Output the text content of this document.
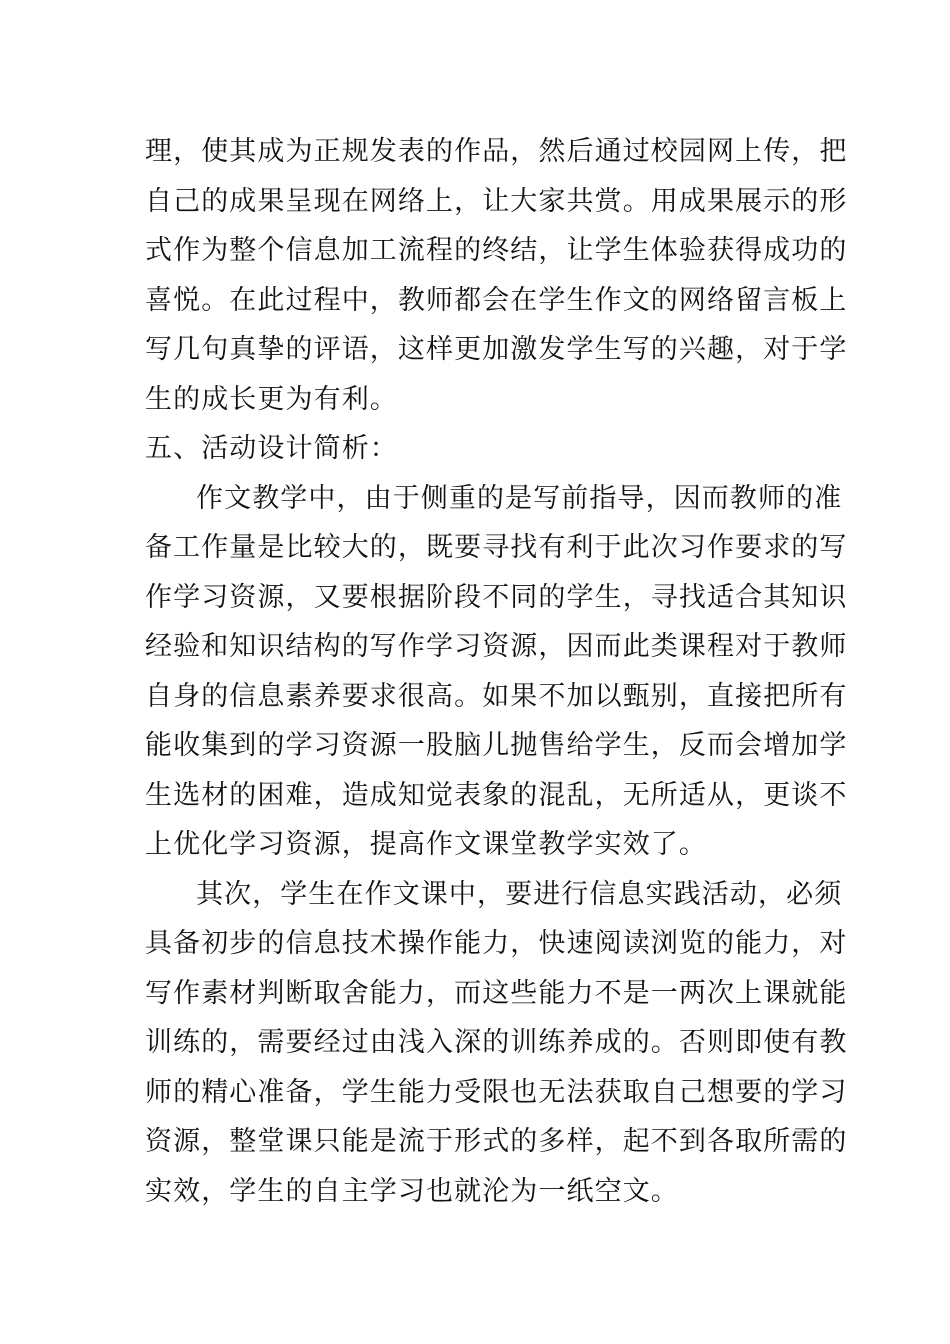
理，使其成为正规发表的作品，然后通过校园网上传，把
自己的成果呈现在网络上，让大家共赏。用成果展示的形
式作为整个信息加工流程的终结，让学生体验获得成功的
喜悦。在此过程中，教师都会在学生作文的网络留言板上
写几句真挚的评语，这样更加激发学生写的兴趣，对于学
生的成长更为有利。
五、活动设计简析：
作文教学中，由于侧重的是写前指导，因而教师的准
备工作量是比较大的，既要寻找有利于此次习作要求的写
作学习资源，又要根据阶段不同的学生，寻找适合其知识
经验和知识结构的写作学习资源，因而此类课程对于教师
自身的信息素养要求很高。如果不加以甄别，直接把所有
能收集到的学习资源一股脑儿抛售给学生，反而会增加学
生选材的困难，造成知觉表象的混乱，无所适从，更谈不
上优化学习资源，提高作文课堂教学实效了。
其次，学生在作文课中，要进行信息实践活动，必须
具备初步的信息技术操作能力，快速阅读浏览的能力，对
写作素材判断取舍能力，而这些能力不是一两次上课就能
训练的，需要经过由浅入深的训练养成的。否则即使有教
师的精心准备，学生能力受限也无法获取自己想要的学习
资源，整堂课只能是流于形式的多样，起不到各取所需的
实效，学生的自主学习也就沦为一纸空文。
